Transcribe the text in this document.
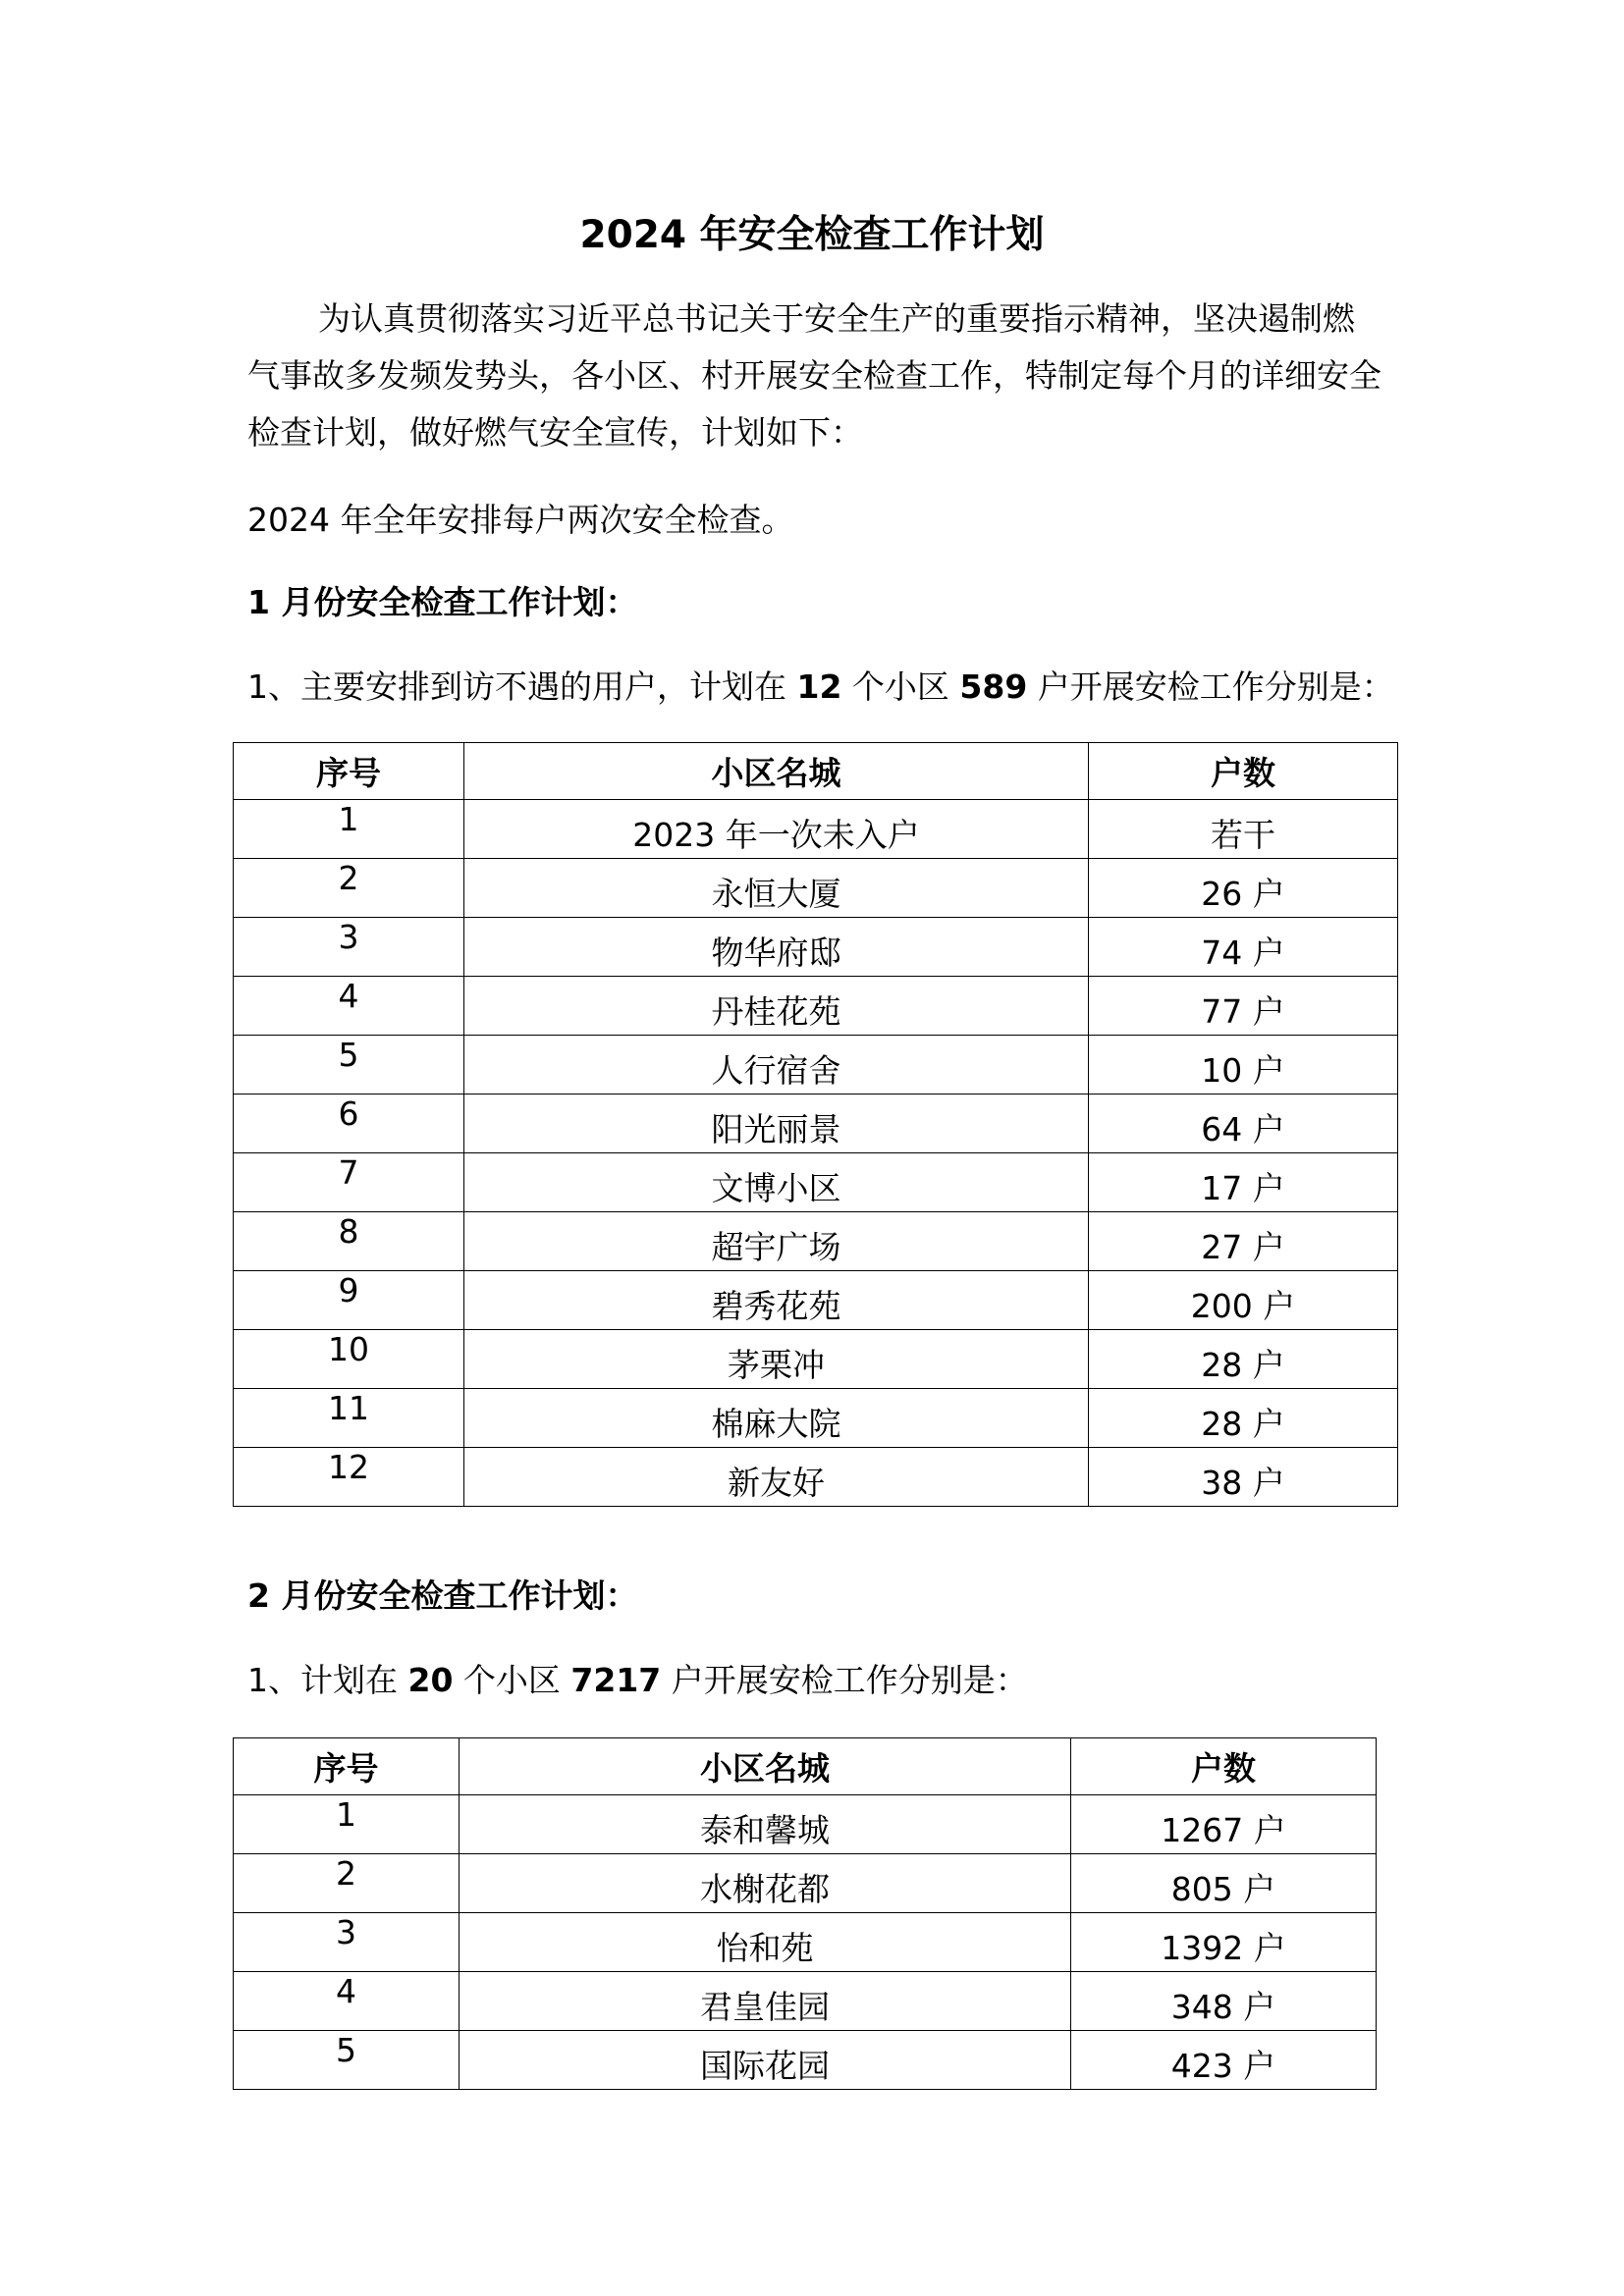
2024 年安全检查工作计划
为认真贯彻落实习近平总书记关于安全生产的重要指示精神，坚决遏制燃气事故多发频发势头，各小区、村开展安全检查工作，特制定每个月的详细安全检查计划，做好燃气安全宣传，计划如下：
2024 年全年安排每户两次安全检查。
1 月份安全检查工作计划：
1、主要安排到访不遇的用户，计划在 12 个小区 589 户开展安检工作分别是：
序号	小区名城	户数
1	2023 年一次未入户	若干
2	永恒大厦	26 户
3	物华府邸	74 户
4	丹桂花苑	77 户
5	人行宿舍	10 户
6	阳光丽景	64 户
7	文博小区	17 户
8	超宇广场	27 户
9	碧秀花苑	200 户
10	茅栗冲	28 户
11	棉麻大院	28 户
12	新友好	38 户
2 月份安全检查工作计划：
1、计划在 20 个小区 7217 户开展安检工作分别是：
序号	小区名城	户数
1	泰和馨城	1267 户
2	水榭花都	805 户
3	怡和苑	1392 户
4	君皇佳园	348 户
5	国际花园	423 户
